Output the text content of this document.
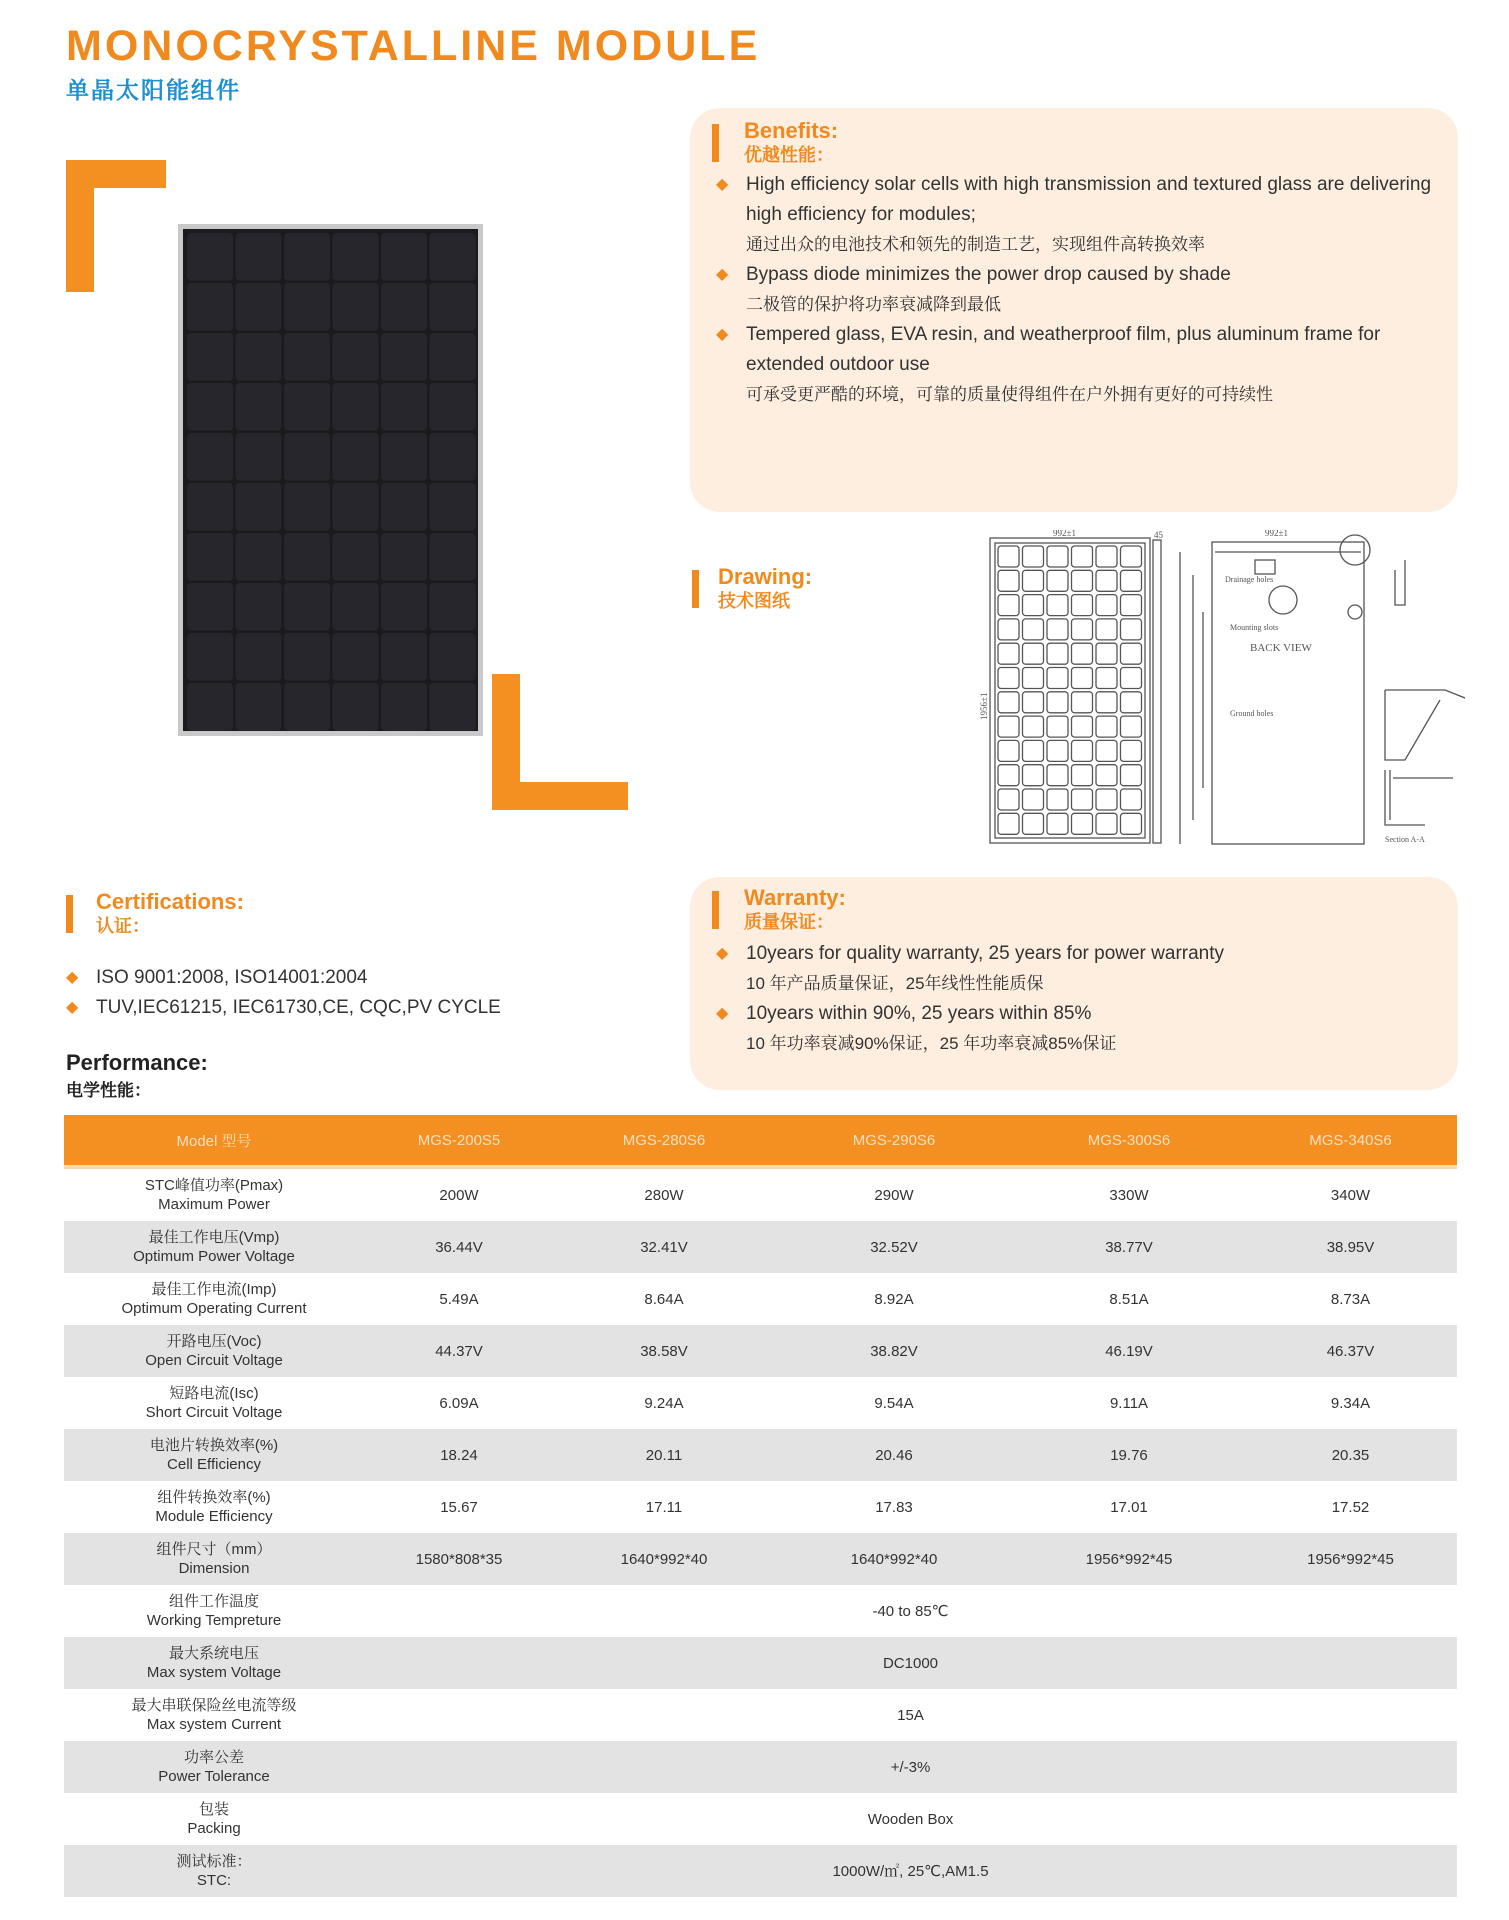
MONOCRYSTALLINE MODULE
单晶太阳能组件
Benefits:
优越性能：
◆ High efficiency solar cells with high transmission and textured glass are delivering high efficiency for modules;
通过出众的电池技术和领先的制造工艺，实现组件高转换效率
◆ Bypass diode minimizes the power drop caused by shade
二极管的保护将功率衰减降到最低
◆ Tempered glass, EVA resin, and weatherproof film, plus aluminum frame for extended outdoor use
可承受更严酷的环境，可靠的质量使得组件在户外拥有更好的可持续性
Drawing:
技术图纸
992±1	45
1956±1
992±1
Drainage holes
Mounting slots
BACK VIEW
Ground holes
Section A-A
Certifications:
认证：
◆ ISO 9001:2008, ISO14001:2004
◆ TUV,IEC61215, IEC61730,CE, CQC,PV CYCLE
Warranty:
质量保证：
◆ 10years for quality warranty, 25 years for power warranty
10 年产品质量保证，25年线性性能质保
◆ 10years within 90%, 25 years within 85%
10 年功率衰减90%保证，25 年功率衰减85%保证
Performance:
电学性能：
Model 型号	MGS-200S5	MGS-280S6	MGS-290S6	MGS-300S6	MGS-340S6
STC峰值功率(Pmax)
Maximum Power	200W	280W	290W	330W	340W
最佳工作电压(Vmp)
Optimum Power Voltage	36.44V	32.41V	32.52V	38.77V	38.95V
最佳工作电流(Imp)
Optimum Operating Current	5.49A	8.64A	8.92A	8.51A	8.73A
开路电压(Voc)
Open Circuit Voltage	44.37V	38.58V	38.82V	46.19V	46.37V
短路电流(Isc)
Short Circuit Voltage	6.09A	9.24A	9.54A	9.11A	9.34A
电池片转换效率(%)
Cell Efficiency	18.24	20.11	20.46	19.76	20.35
组件转换效率(%)
Module Efficiency	15.67	17.11	17.83	17.01	17.52
组件尺寸（mm）
Dimension	1580*808*35	1640*992*40	1640*992*40	1956*992*45	1956*992*45
组件工作温度
Working Tempreture	-40 to 85℃				
最大系统电压
Max system Voltage	DC1000				
最大串联保险丝电流等级
Max system Current	15A				
功率公差
Power Tolerance	+/-3%				
包装
Packing	Wooden Box				
测试标准：
STC:	1000W/㎡, 25℃,AM1.5				
